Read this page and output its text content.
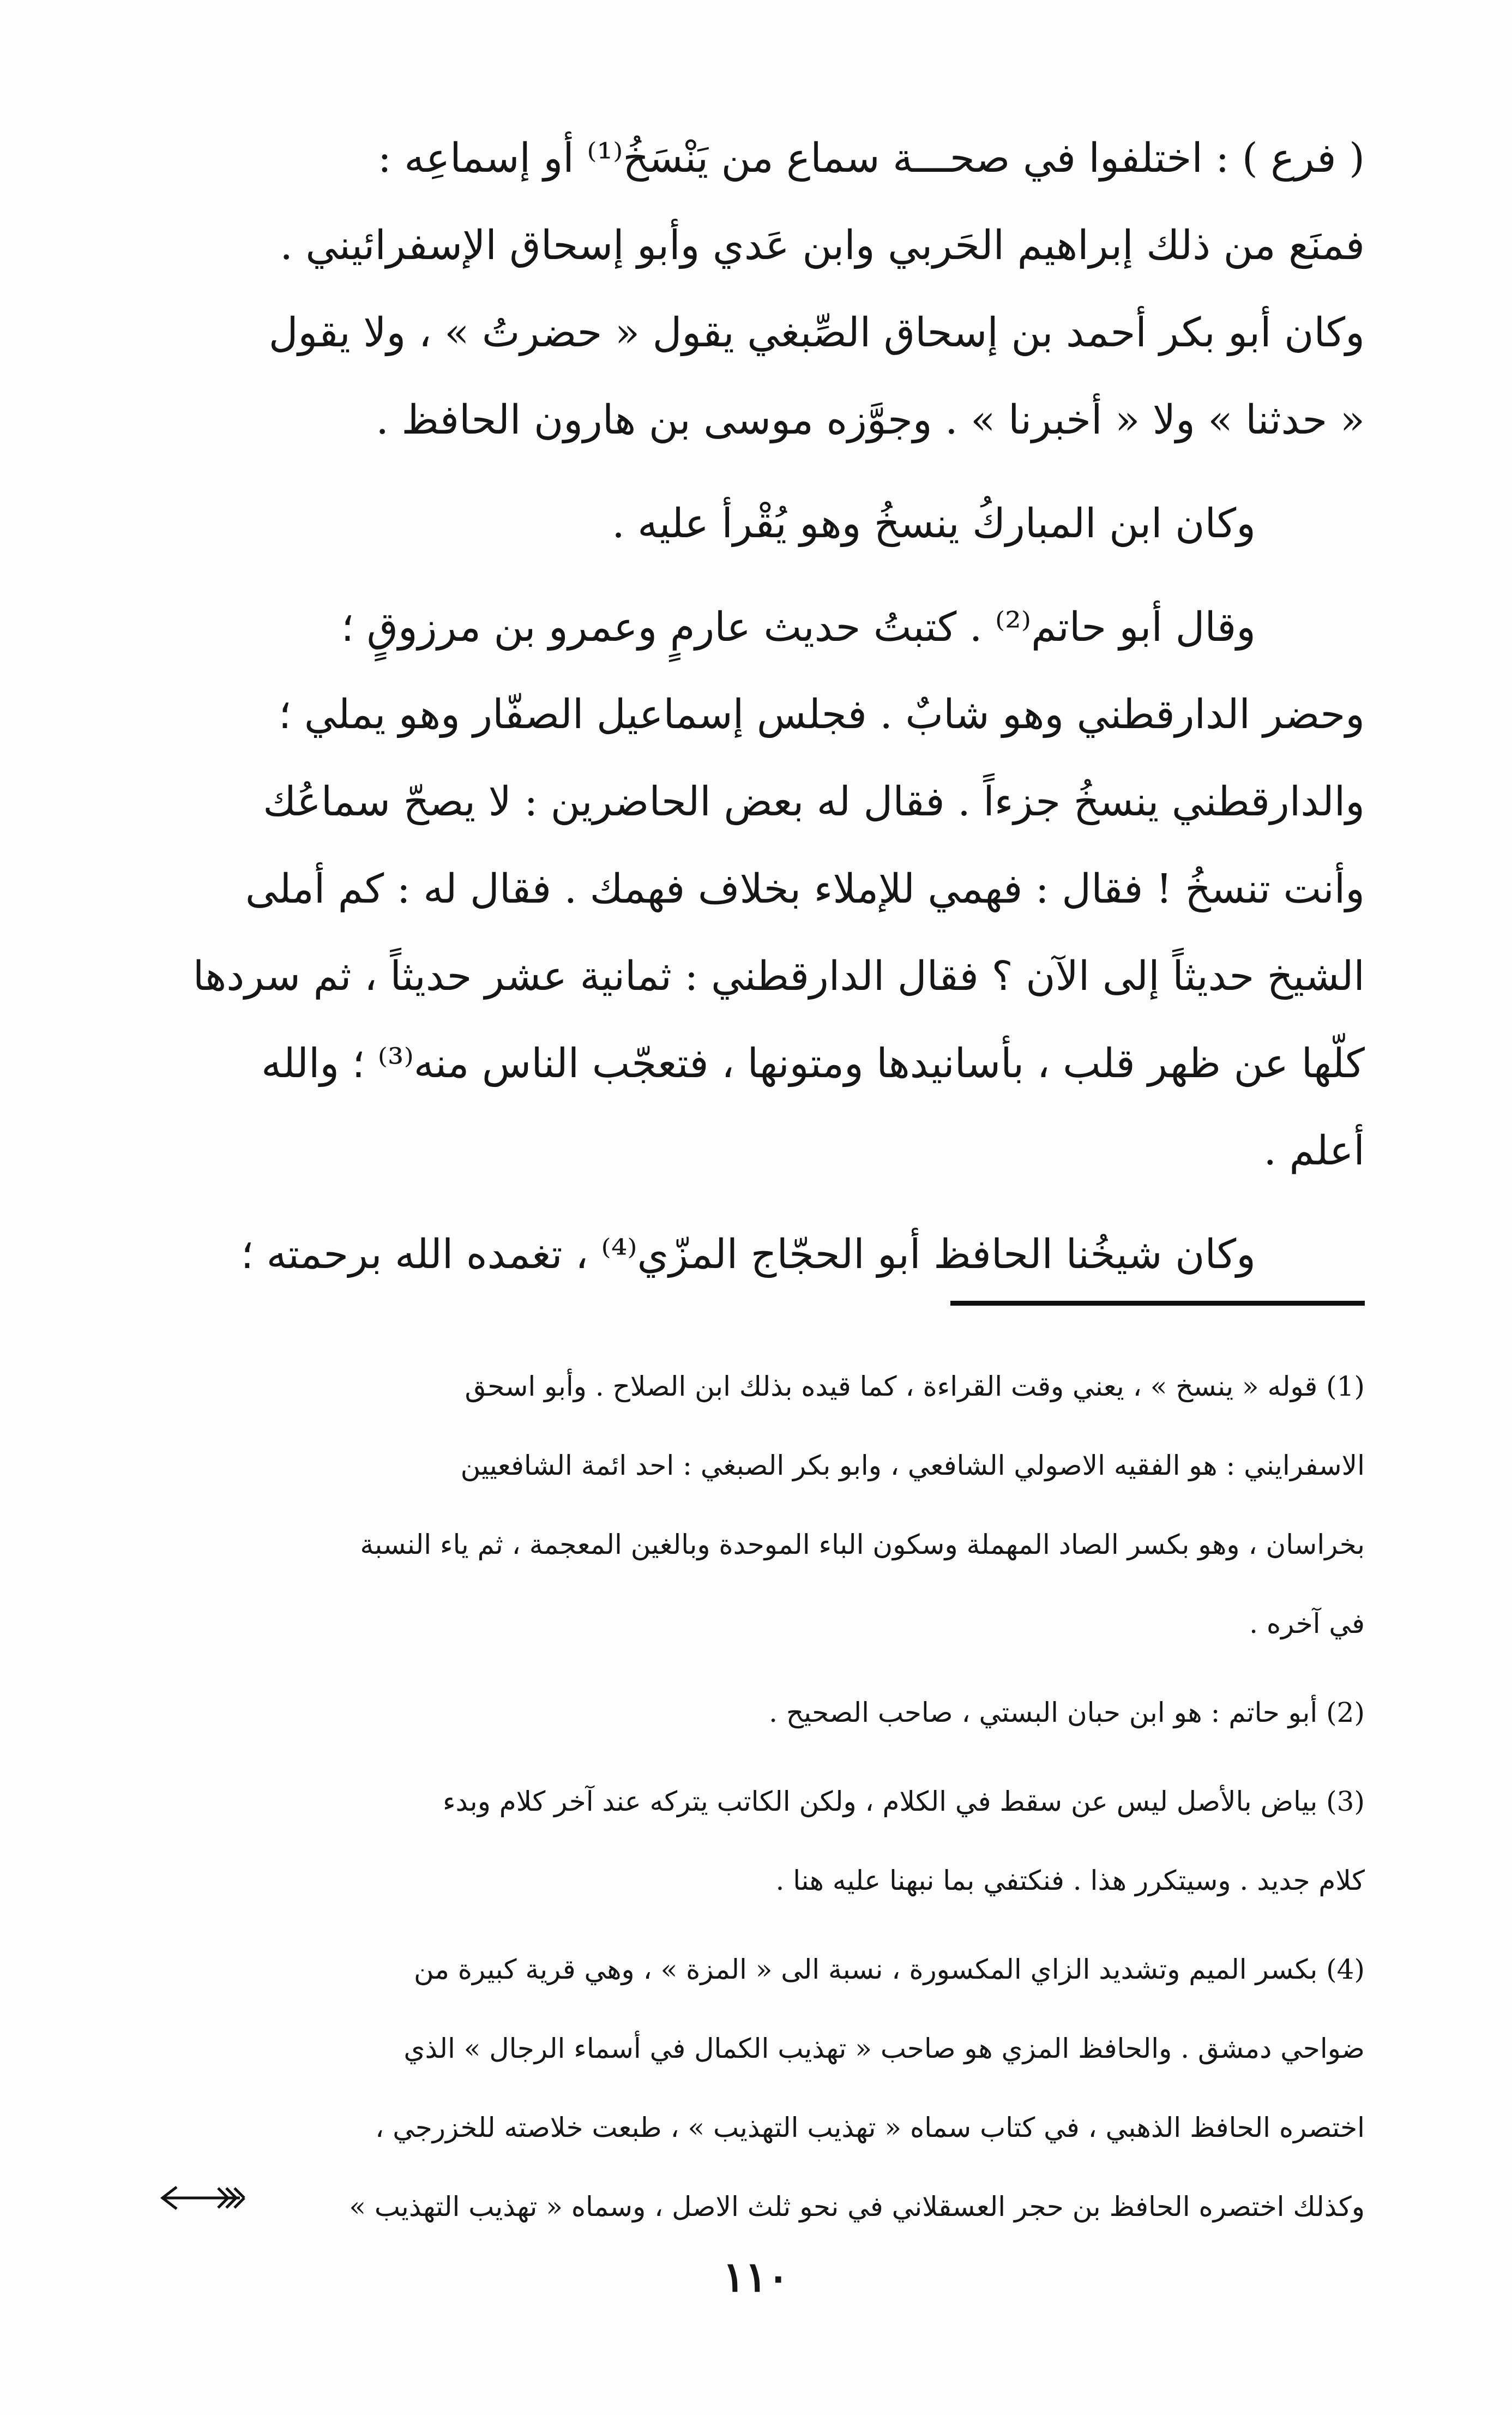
( فرع ) : اختلفوا في صحـــة سماع من يَنْسَخُ⁽¹⁾ أو إسماعِه :
فمنَع من ذلك إبراهيم الحَربي وابن عَدي وأبو إسحاق الإسفرائيني .
وكان أبو بكر أحمد بن إسحاق الصِّبغي يقول « حضرتُ » ، ولا يقول
« حدثنا » ولا « أخبرنا » . وجوَّزه موسى بن هارون الحافظ .
وكان ابن المباركُ ينسخُ وهو يُقْرأ عليه .
وقال أبو حاتم⁽²⁾ . كتبتُ حديث عارمٍ وعمرو بن مرزوقٍ ؛
وحضر الدارقطني وهو شابٌ . فجلس إسماعيل الصفّار وهو يملي ؛
والدارقطني ينسخُ جزءاً . فقال له بعض الحاضرين : لا يصحّ سماعُك
وأنت تنسخُ ! فقال : فهمي للإملاء بخلاف فهمك . فقال له : كم أملى
الشيخ حديثاً إلى الآن ؟ فقال الدارقطني : ثمانية عشر حديثاً ، ثم سردها
كلّها عن ظهر قلب ، بأسانيدها ومتونها ، فتعجّب الناس منه⁽³⁾ ؛ والله
أعلم .
وكان شيخُنا الحافظ أبو الحجّاج المزّي⁽⁴⁾ ، تغمده الله برحمته ؛
(1) قوله « ينسخ » ، يعني وقت القراءة ، كما قيده بذلك ابن الصلاح . وأبو اسحق
الاسفرايني : هو الفقيه الاصولي الشافعي ، وابو بكر الصبغي : احد ائمة الشافعيين
بخراسان ، وهو بكسر الصاد المهملة وسكون الباء الموحدة وبالغين المعجمة ، ثم ياء النسبة
في آخره .
(2) أبو حاتم : هو ابن حبان البستي ، صاحب الصحيح .
(3) بياض بالأصل ليس عن سقط في الكلام ، ولكن الكاتب يتركه عند آخر كلام وبدء
كلام جديد . وسيتكرر هذا . فنكتفي بما نبهنا عليه هنا .
(4) بكسر الميم وتشديد الزاي المكسورة ، نسبة الى « المزة » ، وهي قرية كبيرة من
ضواحي دمشق . والحافظ المزي هو صاحب « تهذيب الكمال في أسماء الرجال » الذي
اختصره الحافظ الذهبي ، في كتاب سماه « تهذيب التهذيب » ، طبعت خلاصته للخزرجي ،
وكذلك اختصره الحافظ بن حجر العسقلاني في نحو ثلث الاصل ، وسماه « تهذيب التهذيب »
١١٠
